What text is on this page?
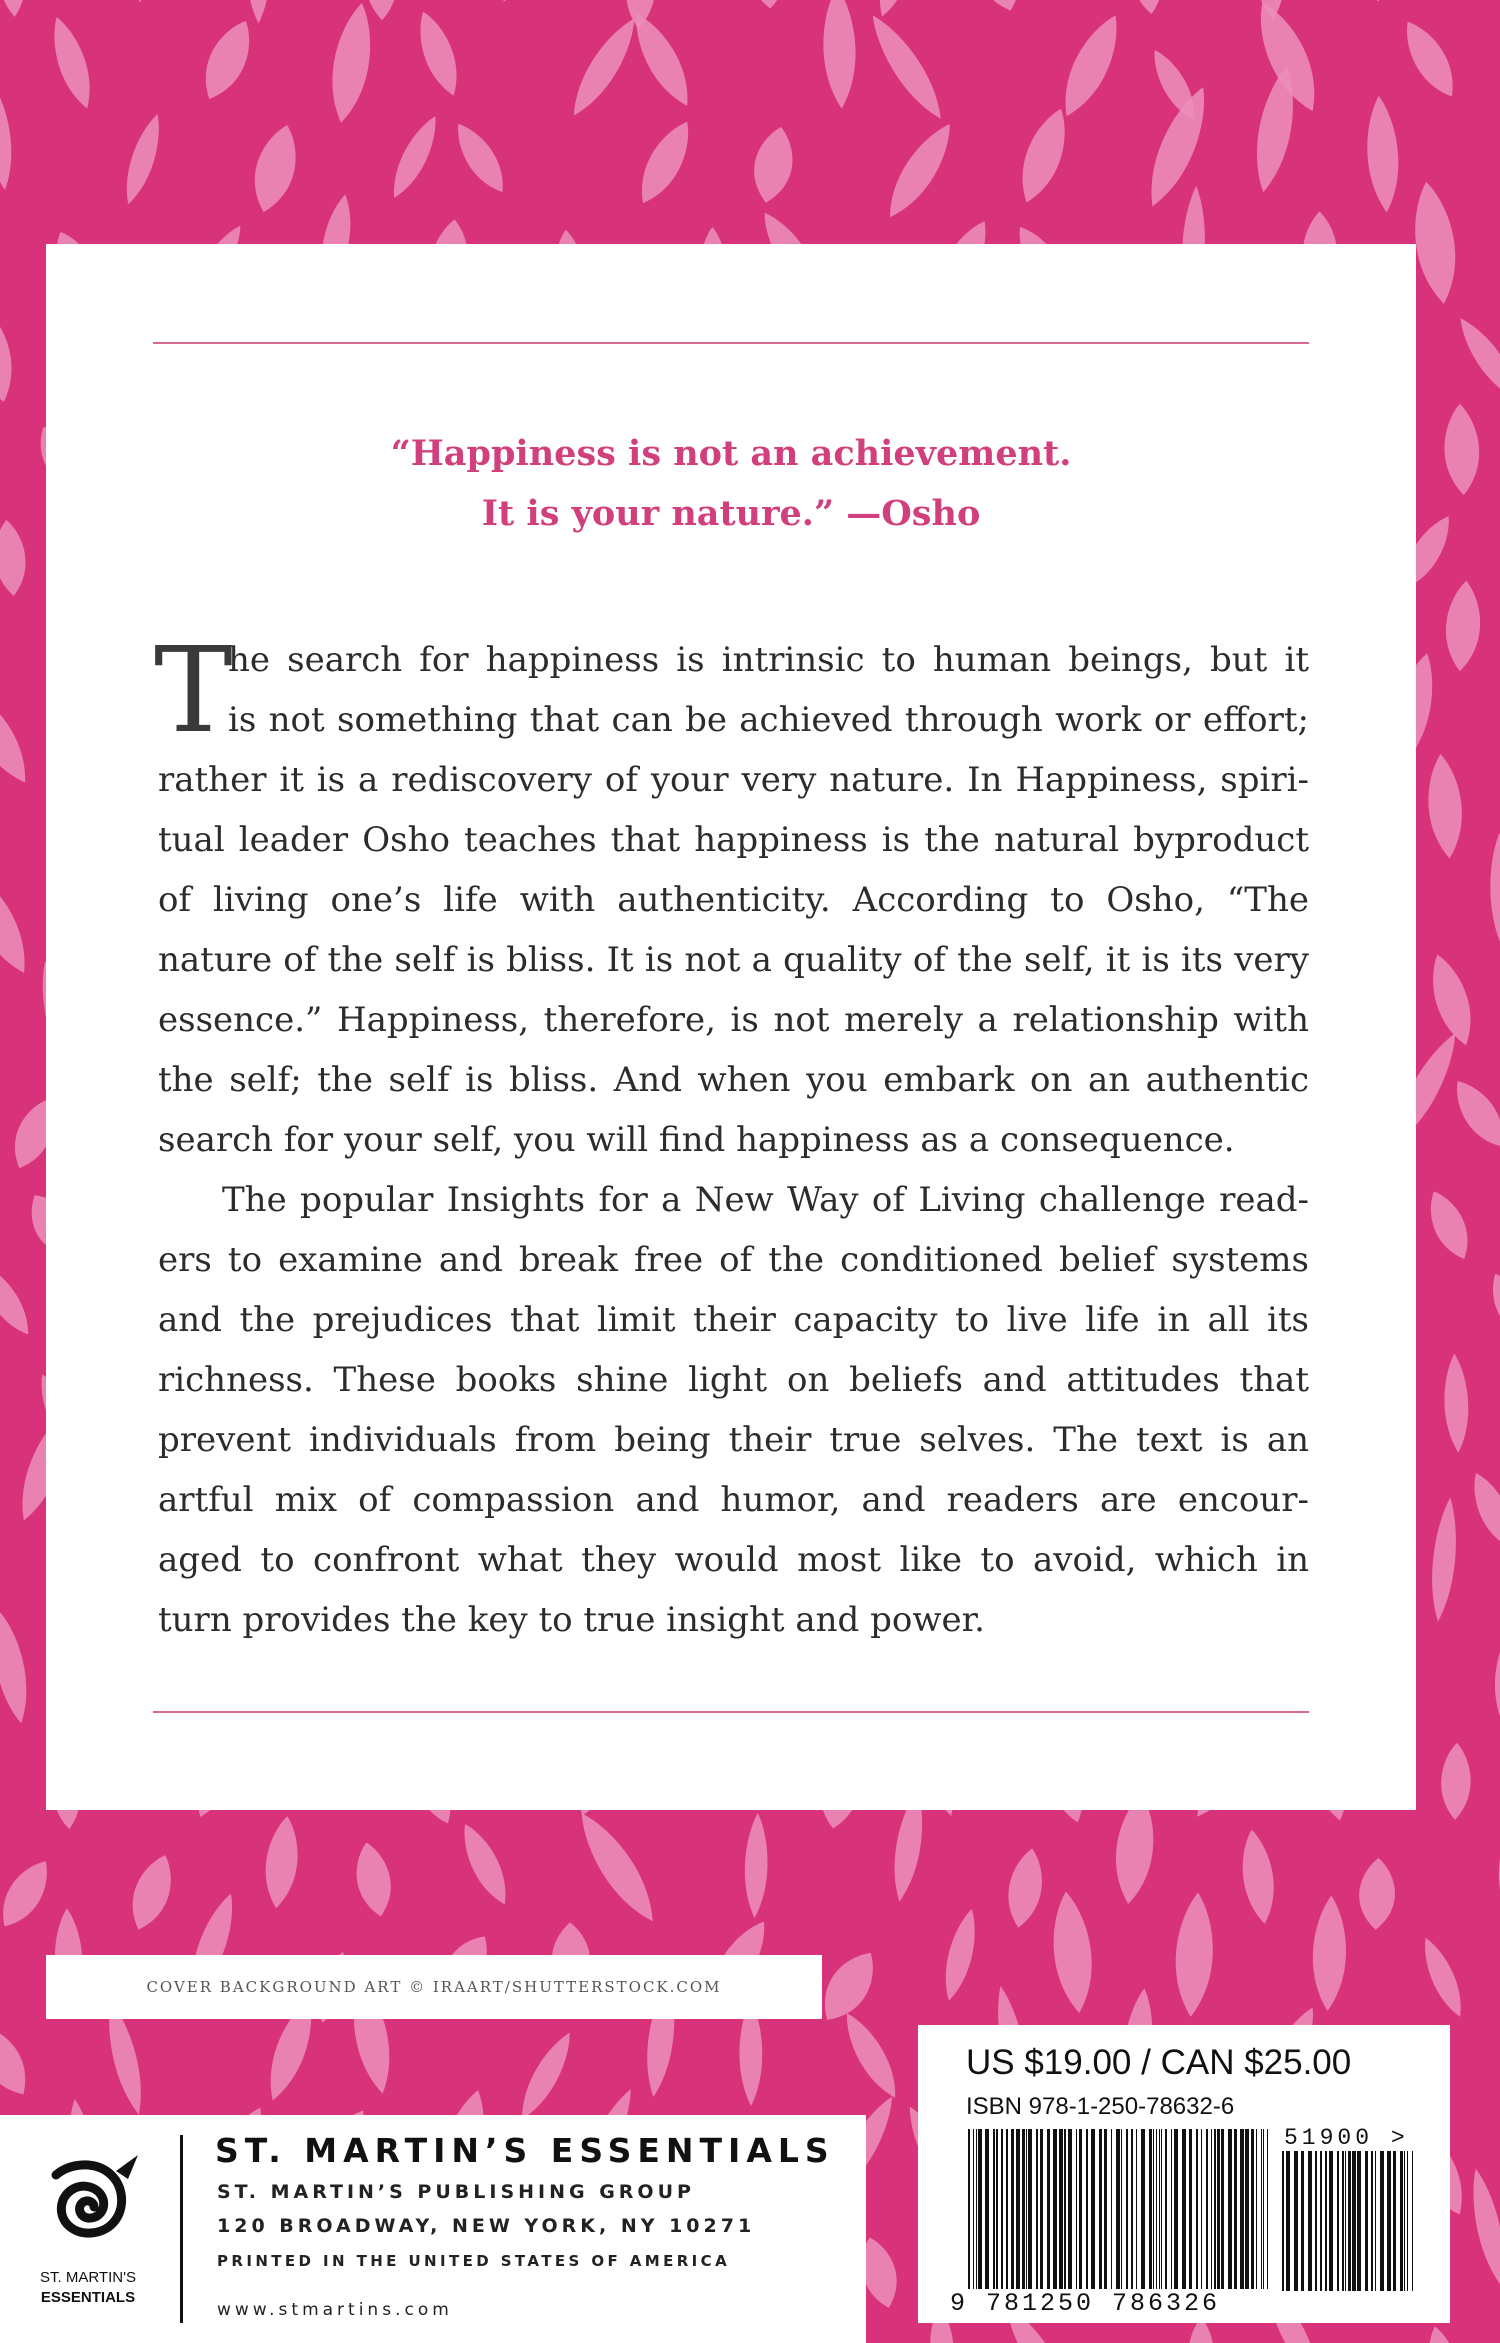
“Happiness is not an achievement.
It is your nature.” —Osho
T
he search for happiness is intrinsic to human beings, but it
is not something that can be achieved through work or effort;
rather it is a rediscovery of your very nature. In Happiness, spiri-
tual leader Osho teaches that happiness is the natural byproduct
of living one’s life with authenticity. According to Osho, “The
nature of the self is bliss. It is not a quality of the self, it is its very
essence.” Happiness, therefore, is not merely a relationship with
the self; the self is bliss. And when you embark on an authentic
search for your self, you will find happiness as a consequence.
The popular Insights for a New Way of Living challenge read-
ers to examine and break free of the conditioned belief systems
and the prejudices that limit their capacity to live life in all its
richness. These books shine light on beliefs and attitudes that
prevent individuals from being their true selves. The text is an
artful mix of compassion and humor, and readers are encour-
aged to confront what they would most like to avoid, which in
turn provides the key to true insight and power.
COVER BACKGROUND ART © IRAART/SHUTTERSTOCK.COM
ST. MARTIN'S
ESSENTIALS
ST. MARTIN’S ESSENTIALS
ST. MARTIN’S PUBLISHING GROUP
120 BROADWAY, NEW YORK, NY 10271
PRINTED IN THE UNITED STATES OF AMERICA
www.stmartins.com
US $19.00 / CAN $25.00
ISBN 978-1-250-78632-6
51900 >
9 781250 786326
